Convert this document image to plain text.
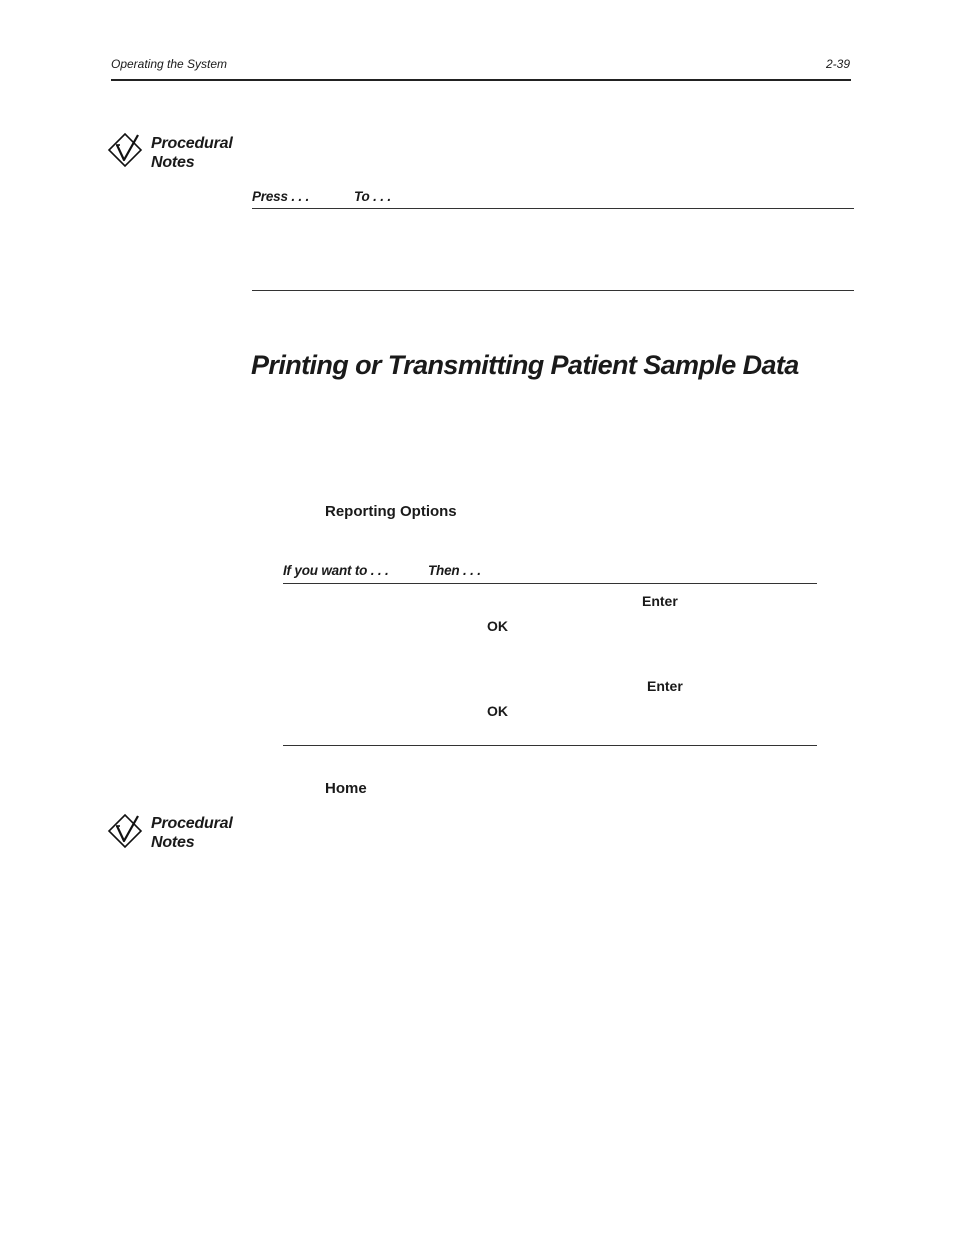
Operating the System	2-39
Procedural
Notes
Press . . .	To . . .
Printing or Transmitting Patient Sample Data
Reporting Options
If you want to . . .	Then . . .
Enter
OK
Enter
OK
Home
Procedural
Notes
